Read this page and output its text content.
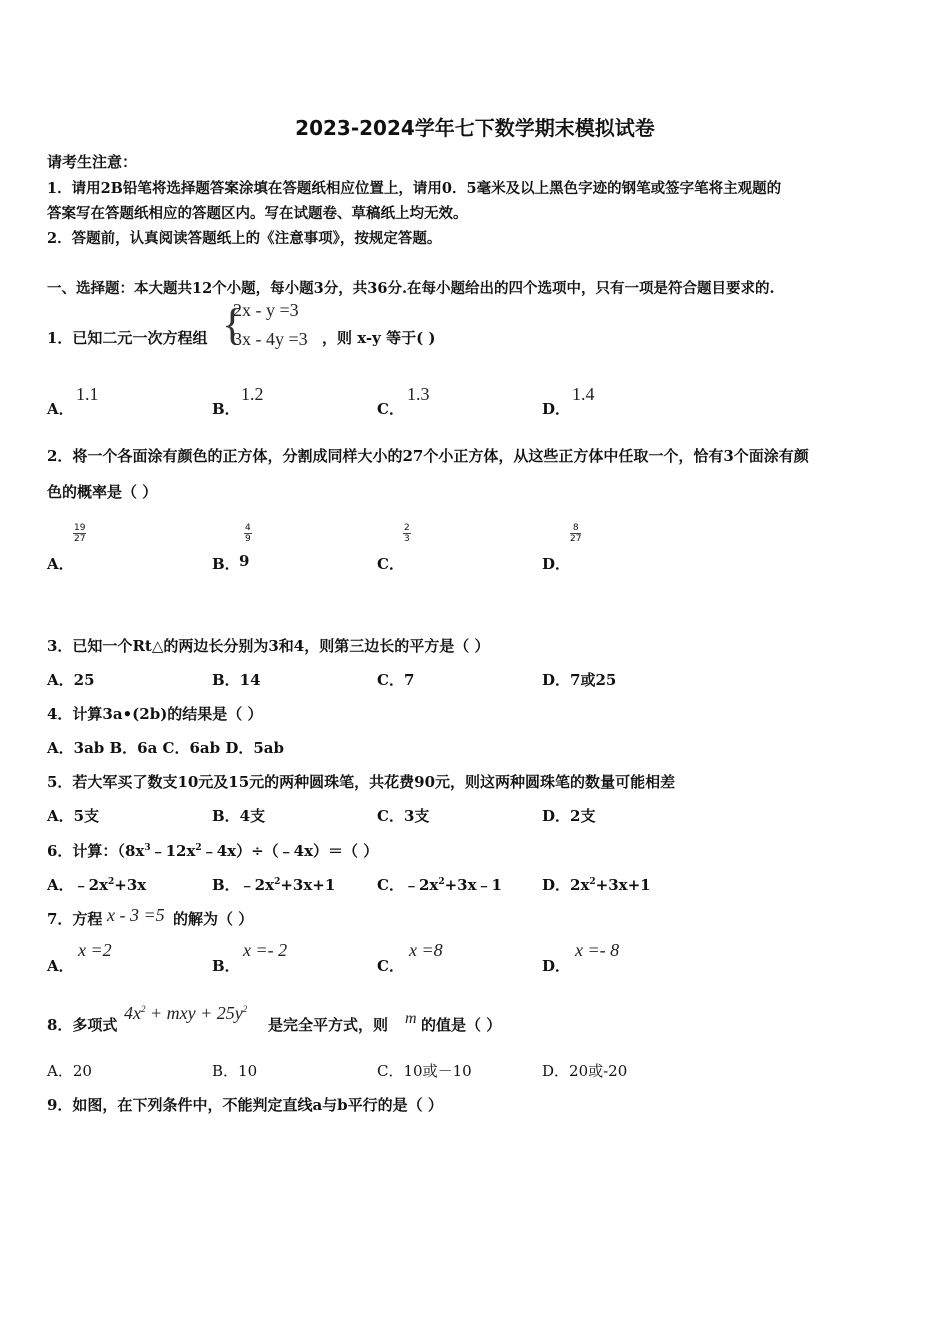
2023-2024学年七下数学期末模拟试卷
请考生注意：
1．请用2B铅笔将选择题答案涂填在答题纸相应位置上，请用0．5毫米及以上黑色字迹的钢笔或签字笔将主观题的
答案写在答题纸相应的答题区内。写在试题卷、草稿纸上均无效。
2．答题前，认真阅读答题纸上的《注意事项》，按规定答题。
一、选择题：本大题共12个小题，每小题3分，共36分.在每小题给出的四个选项中，只有一项是符合题目要求的.
1．已知二元一次方程组 {
2x - y =3
3x - 4y =3 ，则 x-y 等于( )
A．
1.1
B．
1.2
C．
1.3
D．
1.4
2．将一个各面涂有颜色的正方体，分割成同样大小的27个小正方体，从这些正方体中任取一个，恰有3个面涂有颜
色的概率是（ ）
A．
$\frac{19}{27}$
B．
$\frac{4}{9}$
9	C．
$\frac{2}{3}$
D．
$\frac{8}{27}$
3．已知一个Rt△的两边长分别为3和4，则第三边长的平方是（ ）
A．25	B．14	C．7	D．7或25
4．计算3a•(2b)的结果是（ ）
A．3ab B．6a C．6ab D．5ab
5．若大军买了数支10元及15元的两种圆珠笔，共花费90元，则这两种圆珠笔的数量可能相差
A．5支	B．4支	C．3支	D．2支
6．计算：$(8x^3﹣12x^2﹣4x)\div(﹣4x)=$（ ）
A．$﹣2x^2+3x$	B．$﹣2x^2+3x+1$	C．$﹣2x^2+3x﹣1$	D．$2x^2+3x+1$
7．方程 x - 3 =5 的解为（ ）
A．
x =2
B．
x =- 2
C．
x =8
D．
x =- 8
8．多项式
$4x^2$ + mxy + $25y^2$
是完全平方式，则 m 的值是（ ）
A．20	B．10	C．10或－10	D．20或-20
9．如图，在下列条件中，不能判定直线a与b平行的是（ ）
